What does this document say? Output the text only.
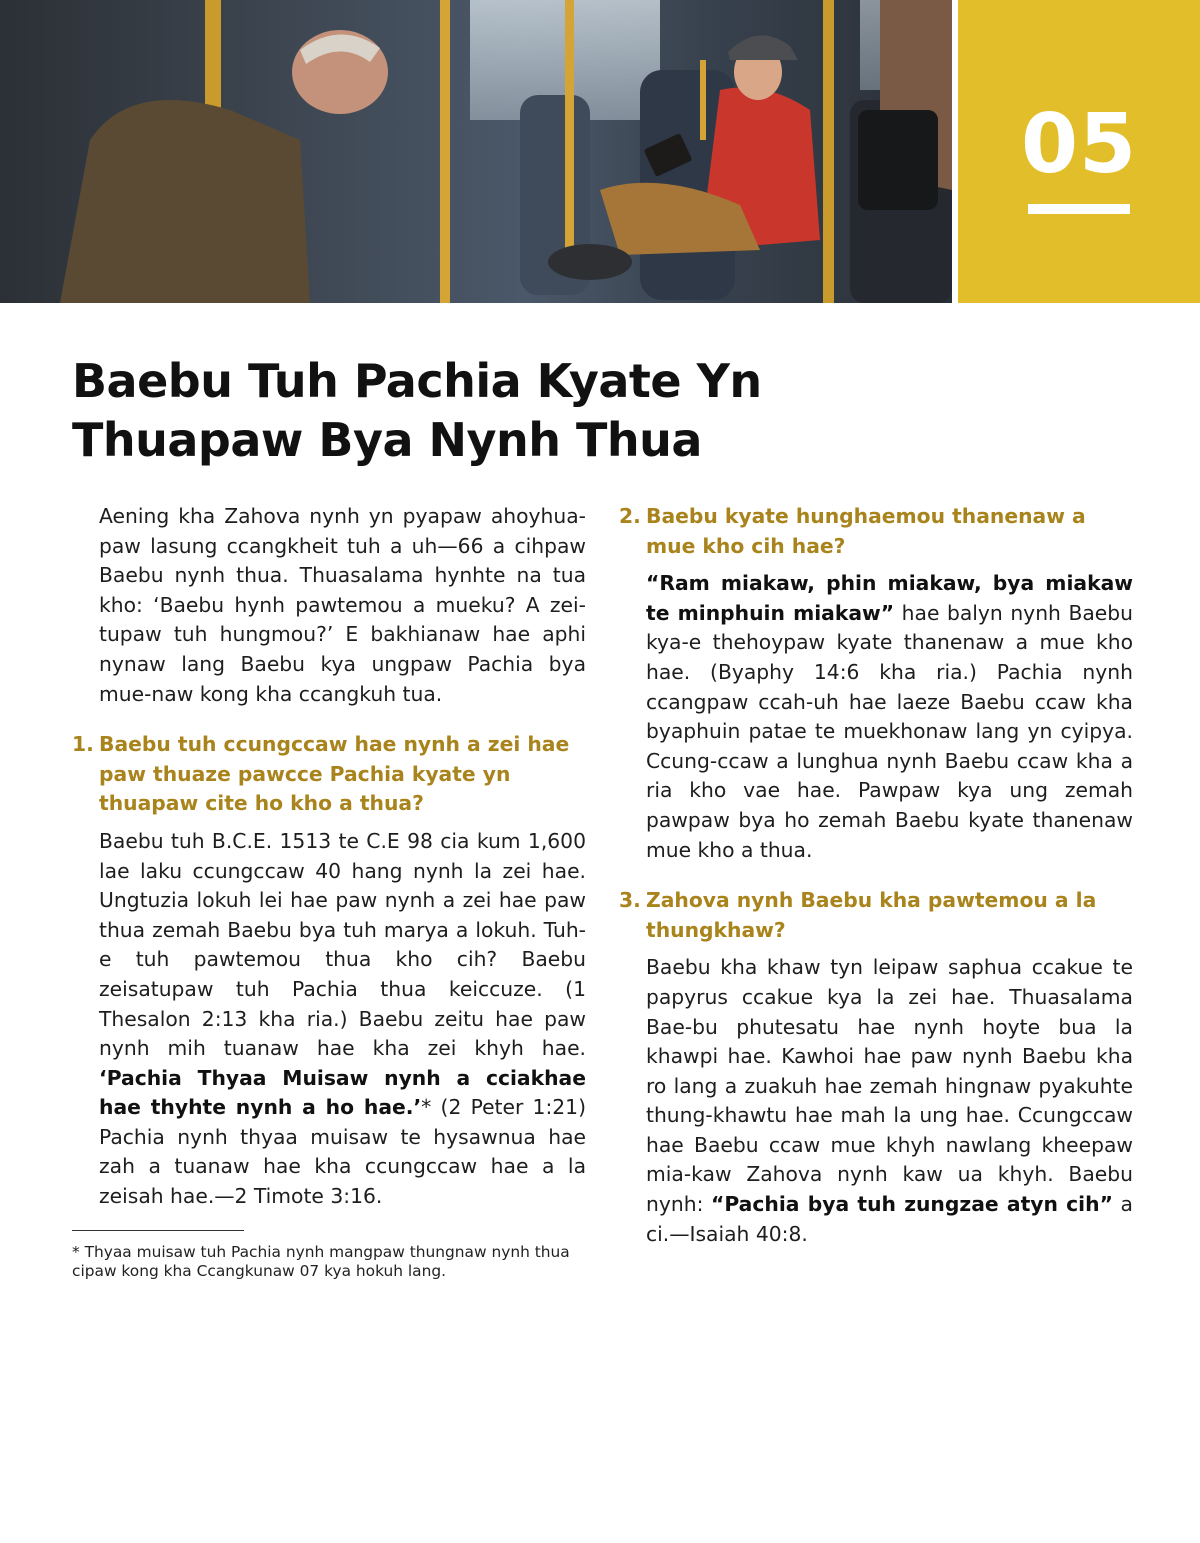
05
Baebu Tuh Pachia Kyate Yn
Thuapaw Bya Nynh Thua

Aening kha Zahova nynh yn pyapaw ahoyhua-paw lasung ccangkheit tuh a uh—66 a cihpaw Baebu nynh thua. Thuasalama hynhte na tua kho: ‘Baebu hynh pawtemou a mueku? A zei-tupaw tuh hungmou?’ E bakhianaw hae aphi nynaw lang Baebu kya ungpaw Pachia bya mue-naw kong kha ccangkuh tua.

1. Baebu tuh ccungccaw hae nynh a zei hae paw thuaze pawcce Pachia kyate yn thuapaw cite ho kho a thua?

Baebu tuh B.C.E. 1513 te C.E 98 cia kum 1,600 lae laku ccungccaw 40 hang nynh la zei hae. Ungtuzia lokuh lei hae paw nynh a zei hae paw thua zemah Baebu bya tuh marya a lokuh. Tuh-e tuh pawtemou thua kho cih? Baebu zeisatupaw tuh Pachia thua keiccuze. (1 Thesalon 2:13 kha ria.) Baebu zeitu hae paw nynh mih tuanaw hae kha zei khyh hae. ‘Pachia Thyaa Muisaw nynh a cciakhae hae thyhte nynh a ho hae.’* (2 Peter 1:21) Pachia nynh thyaa muisaw te hysawnua hae zah a tuanaw hae kha ccungccaw hae a la zeisah hae.—2 Timote 3:16.

* Thyaa muisaw tuh Pachia nynh mangpaw thungnaw nynh thua cipaw kong kha Ccangkunaw 07 kya hokuh lang.

2. Baebu kyate hunghaemou thanenaw a mue kho cih hae?

“Ram miakaw, phin miakaw, bya miakaw te minphuin miakaw” hae balyn nynh Baebu kya-e thehoypaw kyate thanenaw a mue kho hae. (Byaphy 14:6 kha ria.) Pachia nynh ccangpaw ccah-uh hae laeze Baebu ccaw kha byaphuin patae te muekhonaw lang yn cyipya. Ccung-ccaw a lunghua nynh Baebu ccaw kha a ria kho vae hae. Pawpaw kya ung zemah pawpaw bya ho zemah Baebu kyate thanenaw mue kho a thua.

3. Zahova nynh Baebu kha pawtemou a la thungkhaw?

Baebu kha khaw tyn leipaw saphua ccakue te papyrus ccakue kya la zei hae. Thuasalama Bae-bu phutesatu hae nynh hoyte bua la khawpi hae. Kawhoi hae paw nynh Baebu kha ro lang a zuakuh hae zemah hingnaw pyakuhte thung-khawtu hae mah la ung hae. Ccungccaw hae Baebu ccaw mue khyh nawlang kheepaw mia-kaw Zahova nynh kaw ua khyh. Baebu nynh: “Pachia bya tuh zungzae atyn cih” a ci.—Isaiah 40:8.
